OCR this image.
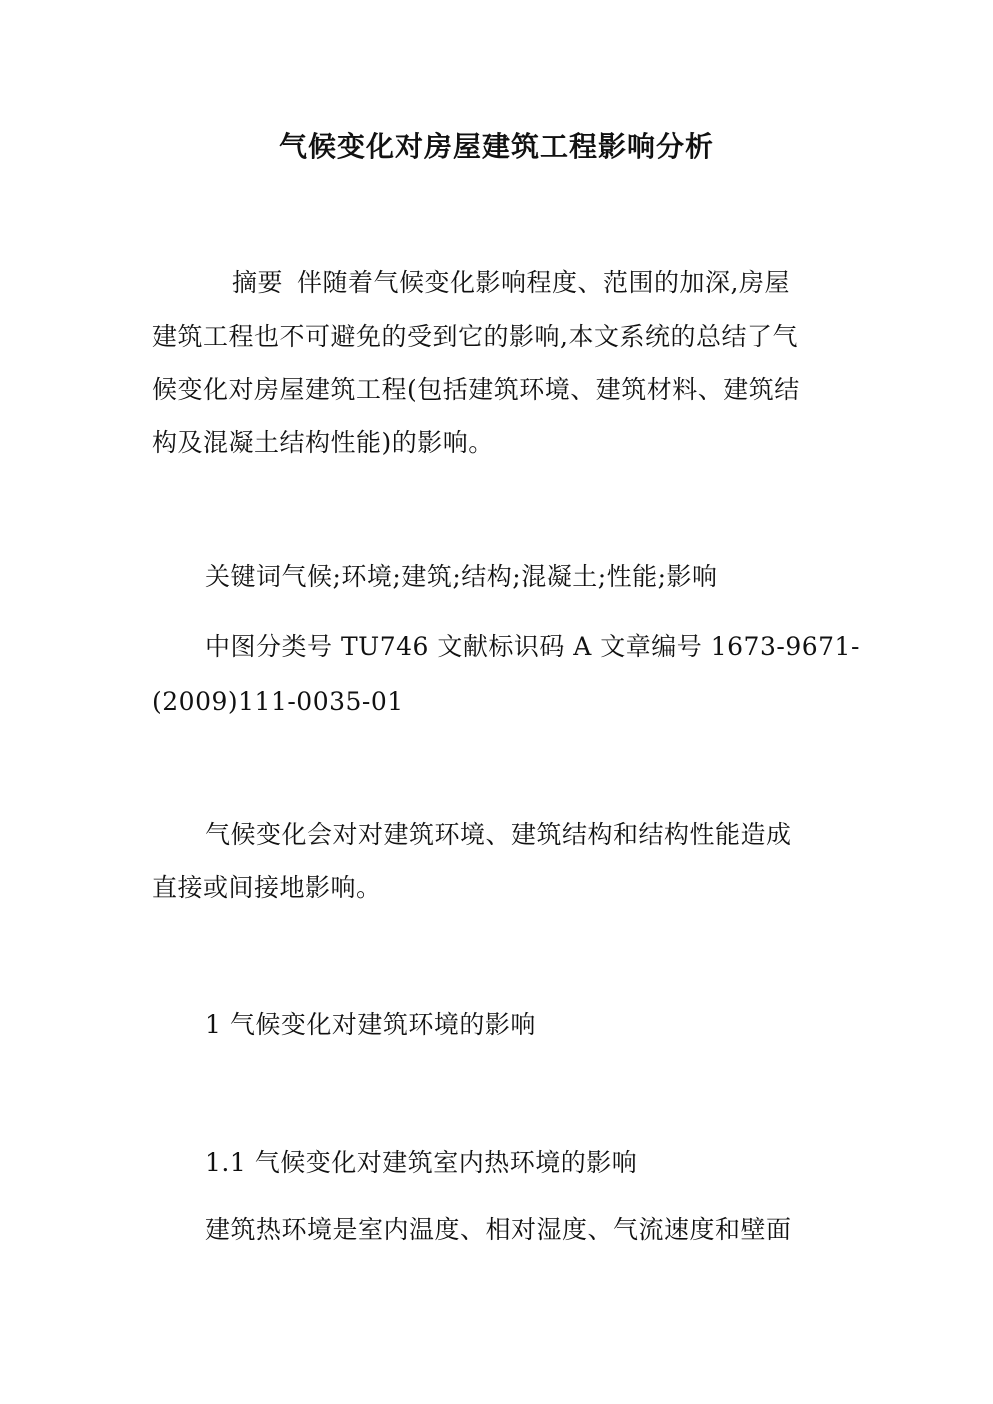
气候变化对房屋建筑工程影响分析
摘要 伴随着气候变化影响程度、范围的加深,房屋
建筑工程也不可避免的受到它的影响,本文系统的总结了气
候变化对房屋建筑工程(包括建筑环境、建筑材料、建筑结
构及混凝土结构性能)的影响。
关键词气候;环境;建筑;结构;混凝土;性能;影响
中图分类号 TU746 文献标识码 A 文章编号 1673-9671-
(2009)111-0035-01
气候变化会对对建筑环境、建筑结构和结构性能造成
直接或间接地影响。
1 气候变化对建筑环境的影响
1.1 气候变化对建筑室内热环境的影响
建筑热环境是室内温度、相对湿度、气流速度和壁面
